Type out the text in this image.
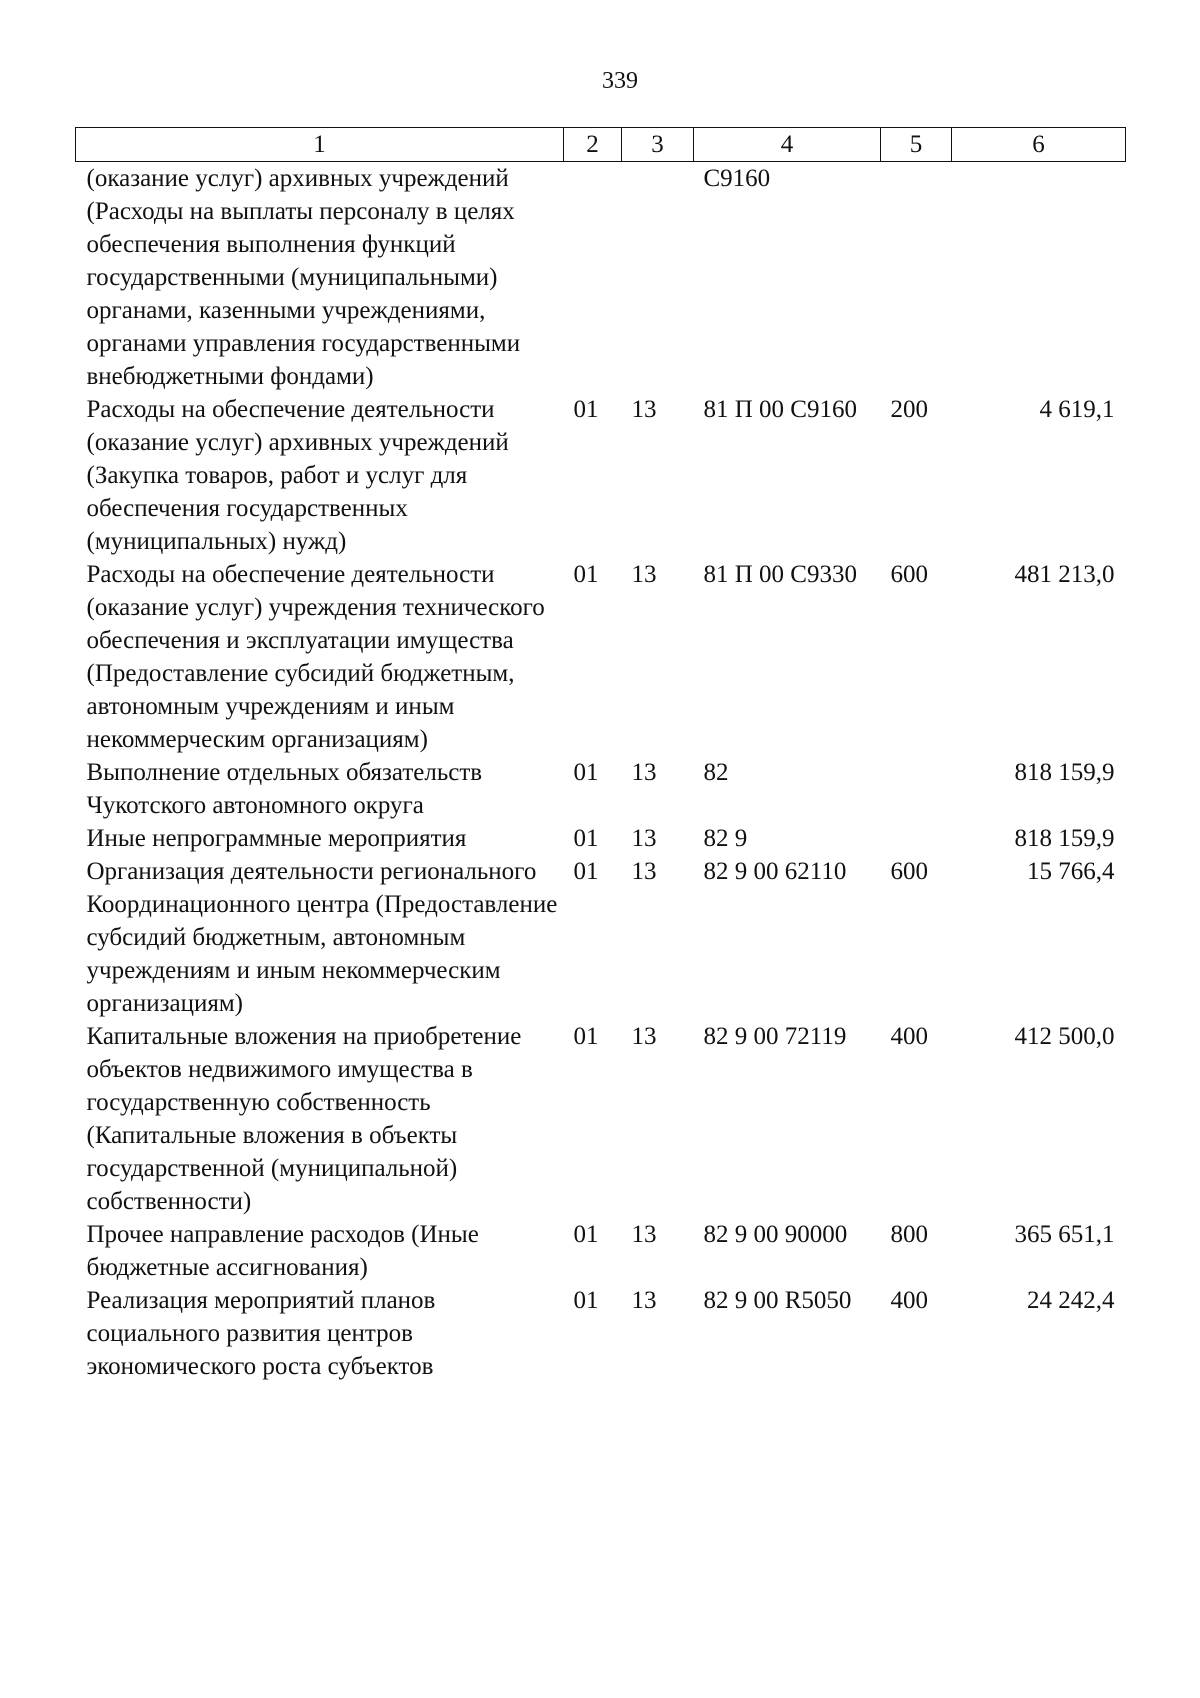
339
1	2	3	4	5	6
(оказание услуг) архивных учреждений (Расходы на выплаты персоналу в целях обеспечения выполнения функций государственными (муниципальными) органами, казенными учреждениями, органами управления государственными внебюджетными фондами)			С9160		
Расходы на обеспечение деятельности (оказание услуг) архивных учреждений (Закупка товаров, работ и услуг для обеспечения государственных (муниципальных) нужд)	01	13	81 П 00 С9160	200	4 619,1
Расходы на обеспечение деятельности (оказание услуг) учреждения технического обеспечения и эксплуатации имущества (Предоставление субсидий бюджетным, автономным учреждениям и иным некоммерческим организациям)	01	13	81 П 00 С9330	600	481 213,0
Выполнение отдельных обязательств Чукотского автономного округа	01	13	82		818 159,9
Иные непрограммные мероприятия	01	13	82 9		818 159,9
Организация деятельности регионального Координационного центра (Предоставление субсидий бюджетным, автономным учреждениям и иным некоммерческим организациям)	01	13	82 9 00 62110	600	15 766,4
Капитальные вложения на приобретение объектов недвижимого имущества в государственную собственность (Капитальные вложения в объекты государственной (муниципальной) собственности)	01	13	82 9 00 72119	400	412 500,0
Прочее направление расходов (Иные бюджетные ассигнования)	01	13	82 9 00 90000	800	365 651,1
Реализация мероприятий планов социального развития центров экономического роста субъектов	01	13	82 9 00 R5050	400	24 242,4
